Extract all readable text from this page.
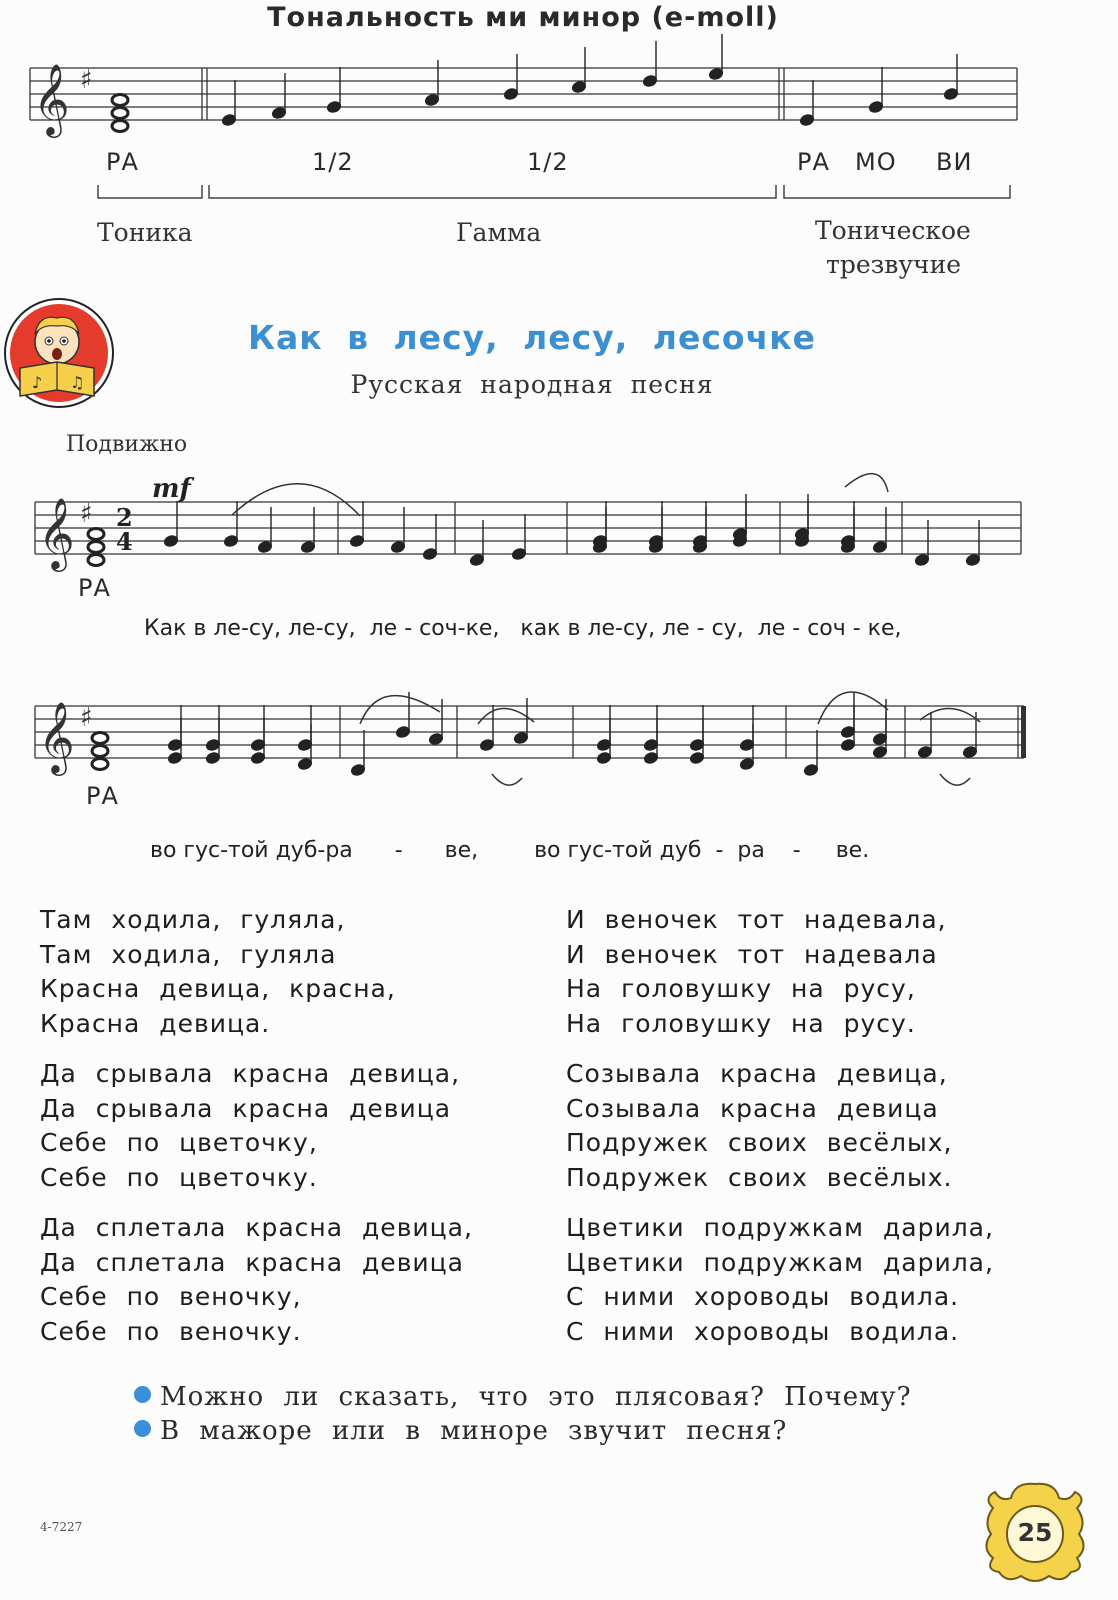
Тональность ми минор (e-moll)
𝄞 ♯
РА	1/2	1/2	РА МО ВИ
Тоника	Гамма	Тоническое
трезвучие
♪ ♫
Как в лесу, лесу, лесочке
Русская народная песня
Подвижно
𝄞 ♯ 2
4
mf
РА
Как в ле-су, ле-су,  ле - соч-ке,   как в ле-су, ле - су,  ле - соч - ке,
𝄞 ♯
РА
во гус-той дуб-ра      -      ве,        во гус-той дуб  -  ра    -     ве.
Там ходила, гуляла,
Там ходила, гуляла
Красна девица, красна,
Красна девица.
Да срывала красна девица,
Да срывала красна девица
Себе по цветочку,
Себе по цветочку.
Да сплетала красна девица,
Да сплетала красна девица
Себе по веночку,
Себе по веночку.
И веночек тот надевала,
И веночек тот надевала
На головушку на русу,
На головушку на русу.
Созывала красна девица,
Созывала красна девица
Подружек своих весёлых,
Подружек своих весёлых.
Цветики подружкам дарила,
Цветики подружкам дарила,
С ними хороводы водила.
С ними хороводы водила.
Можно ли сказать, что это плясовая? Почему?
В мажоре или в миноре звучит песня?
4-7227	25
